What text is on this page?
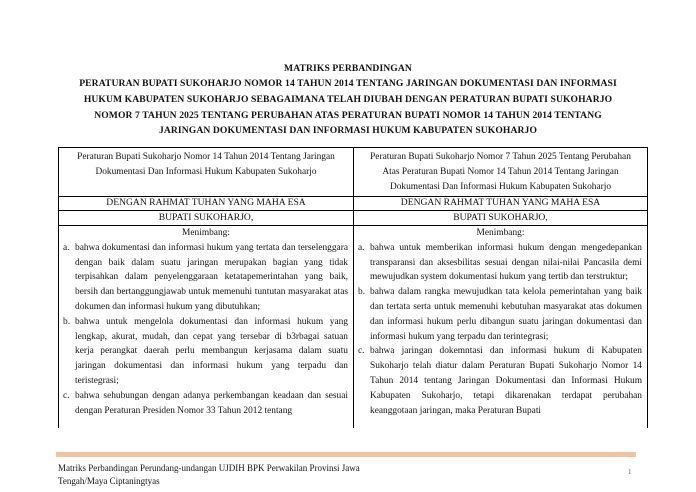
MATRIKS PERBANDINGAN
PERATURAN BUPATI SUKOHARJO NOMOR 14 TAHUN 2014 TENTANG JARINGAN DOKUMENTASI DAN INFORMASI
HUKUM KABUPATEN SUKOHARJO SEBAGAIMANA TELAH DIUBAH DENGAN PERATURAN BUPATI SUKOHARJO
NOMOR 7 TAHUN 2025 TENTANG PERUBAHAN ATAS PERATURAN BUPATI NOMOR 14 TAHUN 2014 TENTANG
JARINGAN DOKUMENTASI DAN INFORMASI HUKUM KABUPATEN SUKOHARJO
Peraturan Bupati Sukoharjo Nomor 14 Tahun 2014 Tentang Jaringan
Dokumentasi Dan Informasi Hukum Kabupaten Sukoharjo
DENGAN RAHMAT TUHAN YANG MAHA ESA
BUPATI SUKOHARJO,
Menimbang:
a. bahwa dokumentasi dan informasi hukum yang tertata dan terselenggara dengan baik dalam suatu jaringan merupakan bagian yang tidak terpisahkan dalam penyelenggaraan ketatapemerintahan yang baik, bersih dan bertanggungjawab untuk memenuhi tuntutan masyarakat atas dokumen dan informasi hukum yang dibutuhkan;
b. bahwa untuk mengelola dokumentasi dan informasi hukum yang lengkap, akurat, mudah, dan cepat yang tersebar di b3rbagai satuan kerja perangkat daerah perlu membangun kerjasama dalam suatu jaringan dokumentasi dan informasi hukum yang terpadu dan teristegrasi;
c. bahwa sehubungan dengan adanya perkembangan keadaan dan sesuai dengan Peraturan Presiden Nomor 33 Tahun 2012 tentang
Peraturan Bupati Sukoharjo Nomor 7 Tahun 2025 Tentang Perubahan
Atas Peraturan Bupati Nomor 14 Tahun 2014 Tentang Jaringan
Dokumentasi Dan Informasi Hukum Kabupaten Sukoharjo
DENGAN RAHMAT TUHAN YANG MAHA ESA
BUPATI SUKOHARJO,
Menimbang:
a. bahwa untuk memberikan informasi hukum dengan mengedepankan transparansi dan aksesbilitas sesuai dengan nilai-nilai Pancasila demi mewujudkan system dokumentasi hukum yang tertib dan terstruktur;
b. bahwa dalam rangka mewujudkan tata kelola pemerintahan yang baik dan tertata serta untuk memenuhi kebutuhan masyarakat atas dokumen dan informasi hukum perlu dibangun suatu jaringan dokumentasi dan informasi hukum yang terpadu dan terintegrasi;
c. bahwa jaringan dokemntasi dan informasi hukum di Kabupaten Sukoharjo telah diatur dalam Peraturan Bupati Sukoharjo Nomor 14 Tahun 2014 tentang Jaringan Dokumentasi dan Informasi Hukum Kabupaten Sukoharjo, tetapi dikarenakan terdapat perubahan keanggotaan jaringan, maka Peraturan Bupati
Matriks Perbandingan Perundang-undangan UJDIH BPK Perwakilan Provinsi Jawa
Tengah/Maya Ciptaningtyas
1
